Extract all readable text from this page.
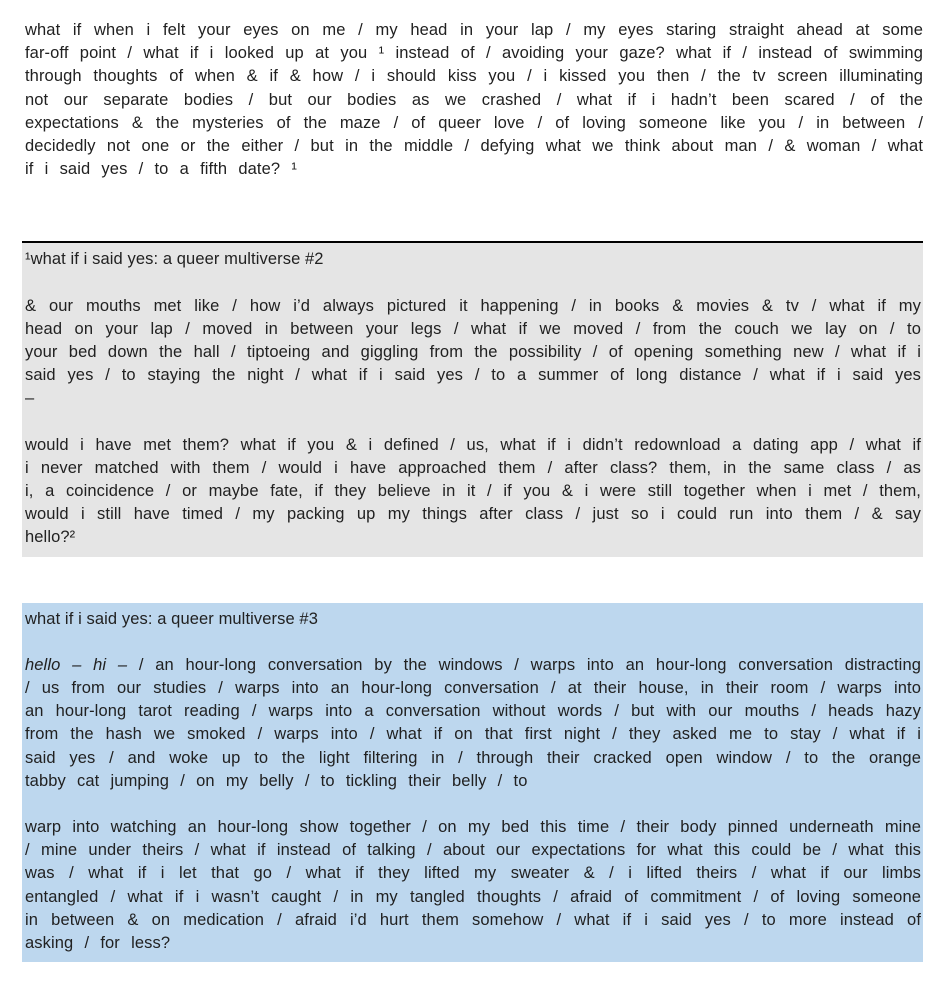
what if when i felt your eyes on me / my head in your lap / my eyes staring straight ahead at some far-off point / what if i looked up at you ¹ instead of / avoiding your gaze? what if / instead of swimming through thoughts of when & if & how / i should kiss you / i kissed you then / the tv screen illuminating not our separate bodies / but our bodies as we crashed / what if i hadn’t been scared / of the expectations & the mysteries of the maze / of queer love / of loving someone like you / in between / decidedly not one or the either / but in the middle / defying what we think about man / & woman / what if i said yes / to a fifth date? ¹

¹what if i said yes: a queer multiverse #2

& our mouths met like / how i’d always pictured it happening / in books & movies & tv / what if my head on your lap / moved in between your legs / what if we moved / from the couch we lay on / to your bed down the hall / tiptoeing and giggling from the possibility / of opening something new / what if i said yes / to staying the night / what if i said yes / to a summer of long distance / what if i said yes –

would i have met them? what if you & i defined / us, what if i didn’t redownload a dating app / what if i never matched with them / would i have approached them / after class? them, in the same class / as i, a coincidence / or maybe fate, if they believe in it / if you & i were still together when i met / them, would i still have timed / my packing up my things after class / just so i could run into them / & say hello?²

what if i said yes: a queer multiverse #3

hello – hi – / an hour-long conversation by the windows / warps into an hour-long conversation distracting / us from our studies / warps into an hour-long conversation / at their house, in their room / warps into an hour-long tarot reading / warps into a conversation without words / but with our mouths / heads hazy from the hash we smoked / warps into / what if on that first night / they asked me to stay / what if i said yes / and woke up to the light filtering in / through their cracked open window / to the orange tabby cat jumping / on my belly / to tickling their belly / to

warp into watching an hour-long show together / on my bed this time / their body pinned underneath mine / mine under theirs / what if instead of talking / about our expectations for what this could be / what this was / what if i let that go / what if they lifted my sweater & / i lifted theirs / what if our limbs entangled / what if i wasn’t caught / in my tangled thoughts / afraid of commitment / of loving someone in between & on medication / afraid i’d hurt them somehow / what if i said yes / to more instead of asking / for less?
